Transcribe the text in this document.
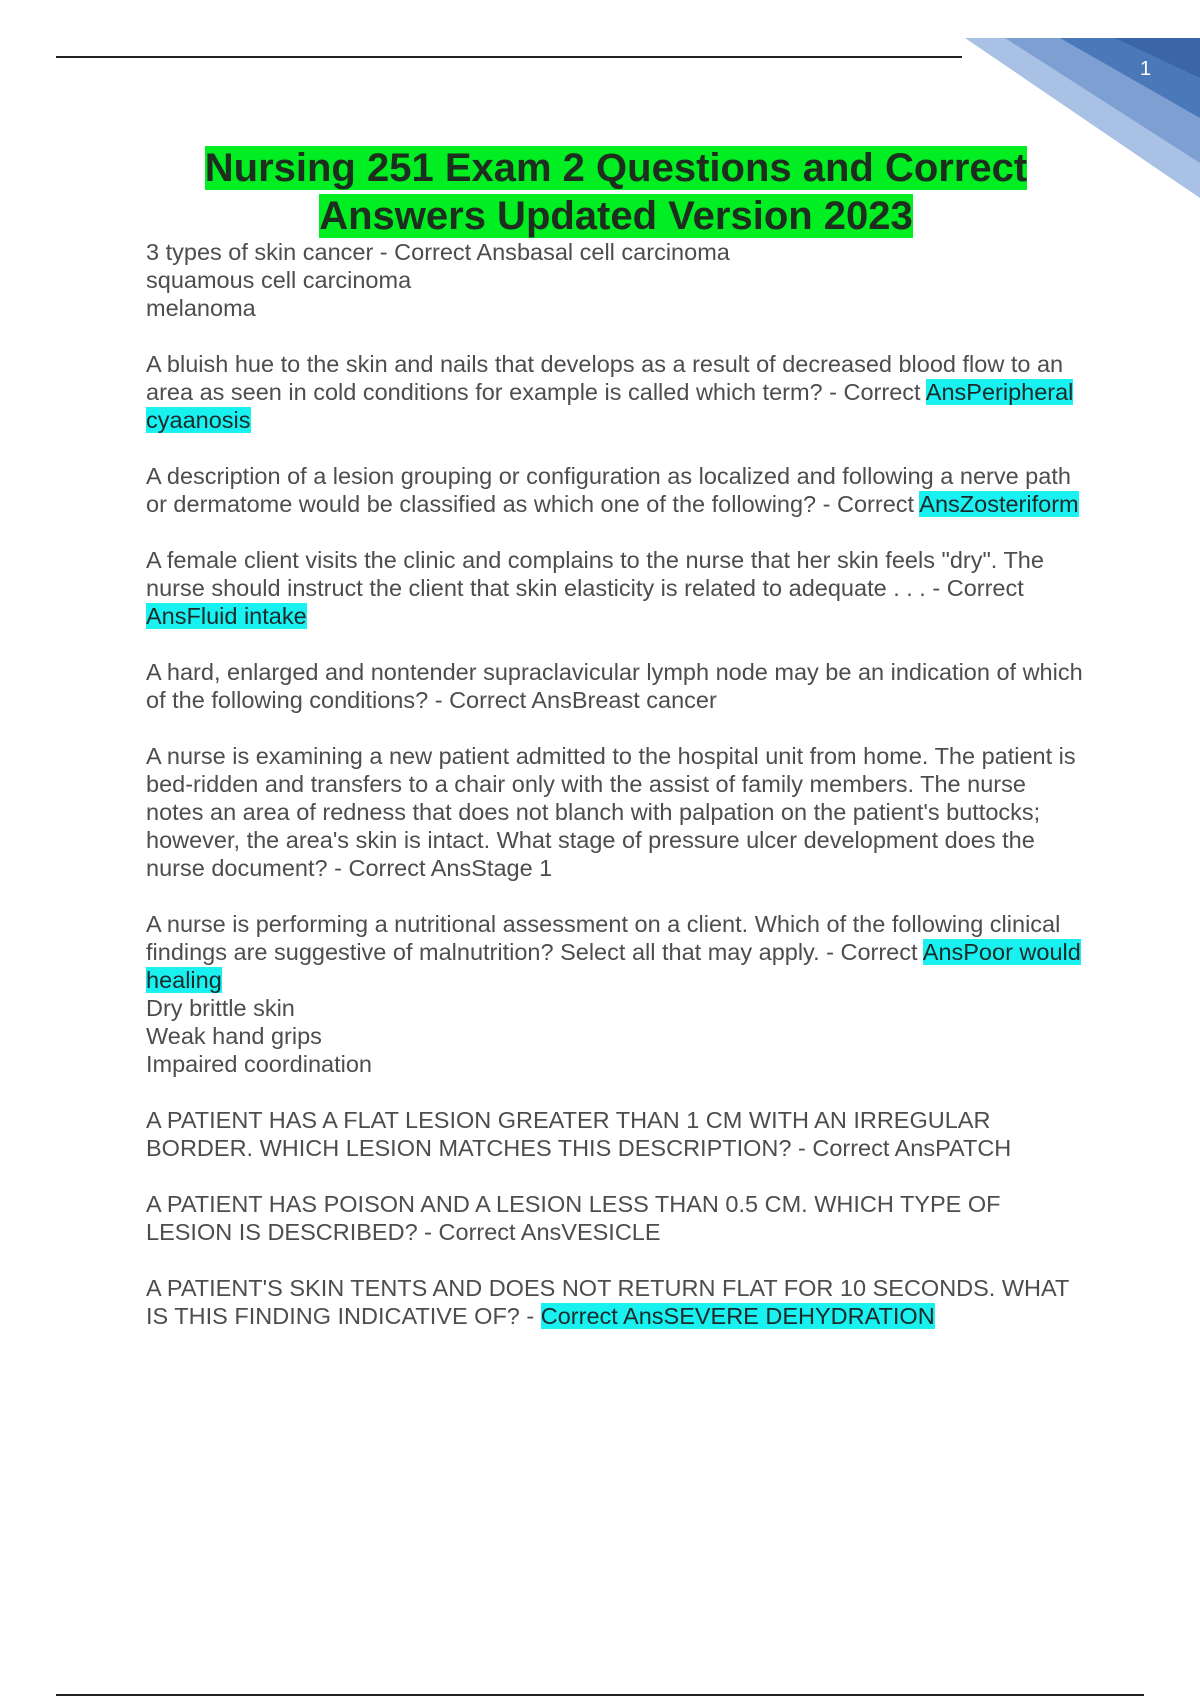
1
Nursing 251 Exam 2 Questions and Correct Answers Updated Version 2023
3 types of skin cancer - Correct Ansbasal cell carcinoma
squamous cell carcinoma
melanoma
A bluish hue to the skin and nails that develops as a result of decreased blood flow to an area as seen in cold conditions for example is called which term? - Correct AnsPeripheral cyaanosis
A description of a lesion grouping or configuration as localized and following a nerve path or dermatome would be classified as which one of the following? - Correct AnsZosteriform
A female client visits the clinic and complains to the nurse that her skin feels "dry". The nurse should instruct the client that skin elasticity is related to adequate . . . - Correct AnsFluid intake
A hard, enlarged and nontender supraclavicular lymph node may be an indication of which of the following conditions? - Correct AnsBreast cancer
A nurse is examining a new patient admitted to the hospital unit from home. The patient is bed-ridden and transfers to a chair only with the assist of family members. The nurse notes an area of redness that does not blanch with palpation on the patient's buttocks; however, the area's skin is intact. What stage of pressure ulcer development does the nurse document? - Correct AnsStage 1
A nurse is performing a nutritional assessment on a client. Which of the following clinical findings are suggestive of malnutrition? Select all that may apply. - Correct AnsPoor would healing
Dry brittle skin
Weak hand grips
Impaired coordination
A PATIENT HAS A FLAT LESION GREATER THAN 1 CM WITH AN IRREGULAR BORDER. WHICH LESION MATCHES THIS DESCRIPTION? - Correct AnsPATCH
A PATIENT HAS POISON AND A LESION LESS THAN 0.5 CM. WHICH TYPE OF LESION IS DESCRIBED? - Correct AnsVESICLE
A PATIENT'S SKIN TENTS AND DOES NOT RETURN FLAT FOR 10 SECONDS. WHAT IS THIS FINDING INDICATIVE OF? - Correct AnsSEVERE DEHYDRATION
